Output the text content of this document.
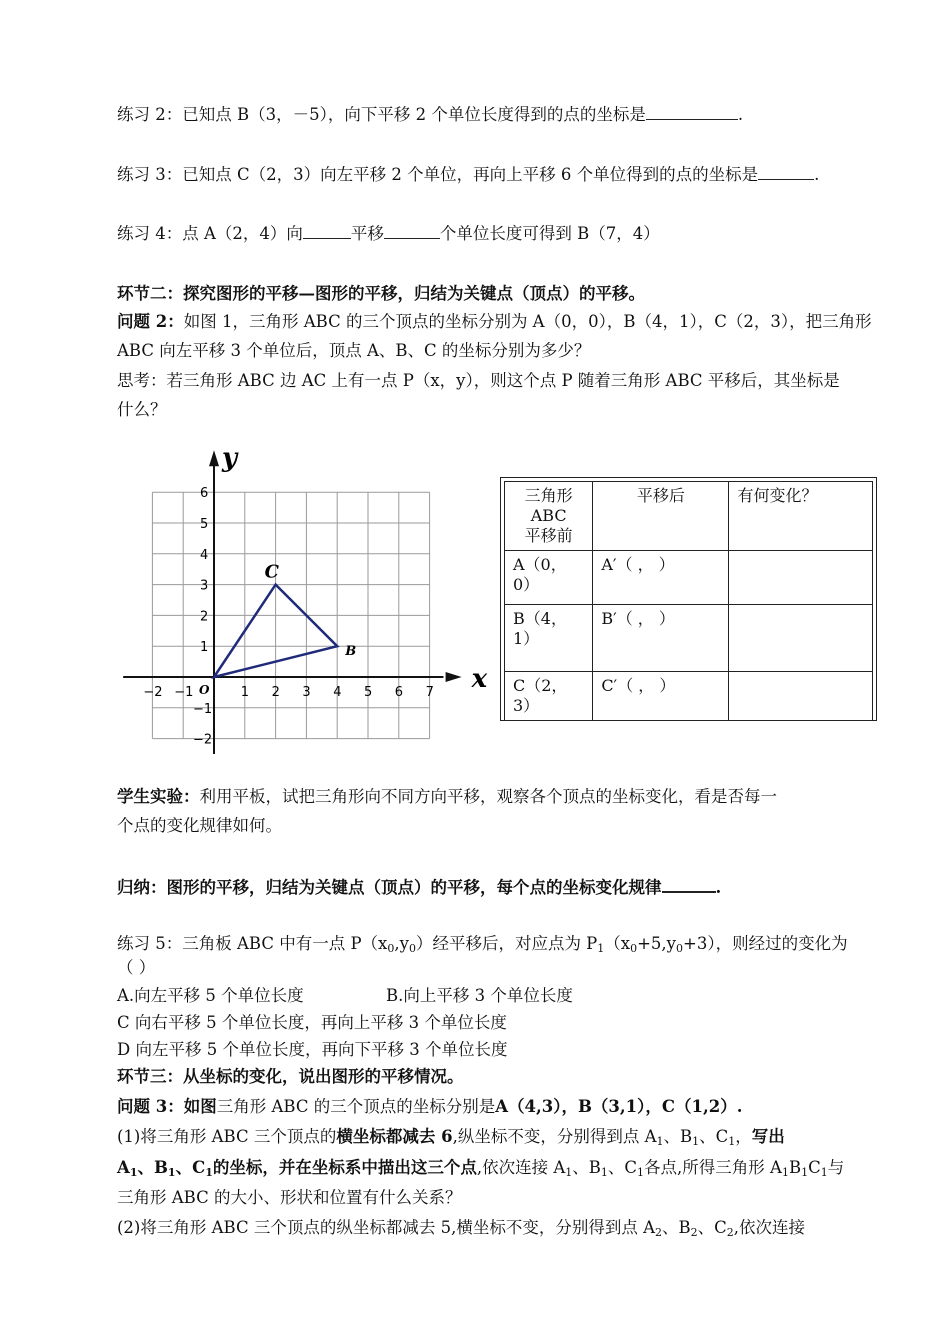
练习 2：已知点 B（3，－5），向下平移 2 个单位长度得到的点的坐标是	.
练习 3：已知点 C（2，3）向左平移 2 个单位，再向上平移 6 个单位得到的点的坐标是	.
练习 4：点 A（2，4）向	平移	个单位长度可得到 B（7，4）
环节二：探究图形的平移—图形的平移，归结为关键点（顶点）的平移。
问题 2：如图 1，三角形 ABC 的三个顶点的坐标分别为 A（0，0），B（4，1），C（2，3），把三角形
ABC 向左平移 3 个单位后，顶点 A、B、C 的坐标分别为多少？
思考：若三角形 ABC 边 AC 上有一点 P（x，y），则这个点 P 随着三角形 ABC 平移后，其坐标是
什么？
x
y
O
−2 −1	1 2 3 4 5 6 7
6
5
4
3
2
1
−1
−2
B
C
三角形 ABC
平移前	平移后	有何变化？
A（0，0）	A′（ ， ）	
B（4，1）	B′（ ， ）	
C（2，3）	C′（ ， ）	
学生实验：利用平板，试把三角形向不同方向平移，观察各个顶点的坐标变化，看是否每一
个点的变化规律如何。
归纳：图形的平移，归结为关键点（顶点）的平移，每个点的坐标变化规律	.
练习 5：三角板 ABC 中有一点 $P(x_0,y_0)$经平移后，对应点为 $P_1(x_0+5,y_0+3)$，则经过的变化为
（ ）
A.向左平移 5 个单位长度	B.向上平移 3 个单位长度
C 向右平移 5 个单位长度，再向上平移 3 个单位长度
D 向左平移 5 个单位长度，再向下平移 3 个单位长度
环节三：从坐标的变化，说出图形的平移情况。
问题 3：如图三角形 ABC 的三个顶点的坐标分别是A（4,3），B（3,1），C（1,2）.
(1)将三角形 ABC 三个顶点的横坐标都减去 6,纵坐标不变，分别得到点 $A_1$、$B_1$、$C_1$，写出
$A_1$、$B_1$、$C_1$的坐标，并在坐标系中描出这三个点,依次连接 $A_1$、$B_1$、$C_1$各点,所得三角形 $A_1B_1C_1$与
三角形 ABC 的大小、形状和位置有什么关系？
(2)将三角形 ABC 三个顶点的纵坐标都减去 5,横坐标不变，分别得到点 $A_2$、$B_2$、$C_2$,依次连接
